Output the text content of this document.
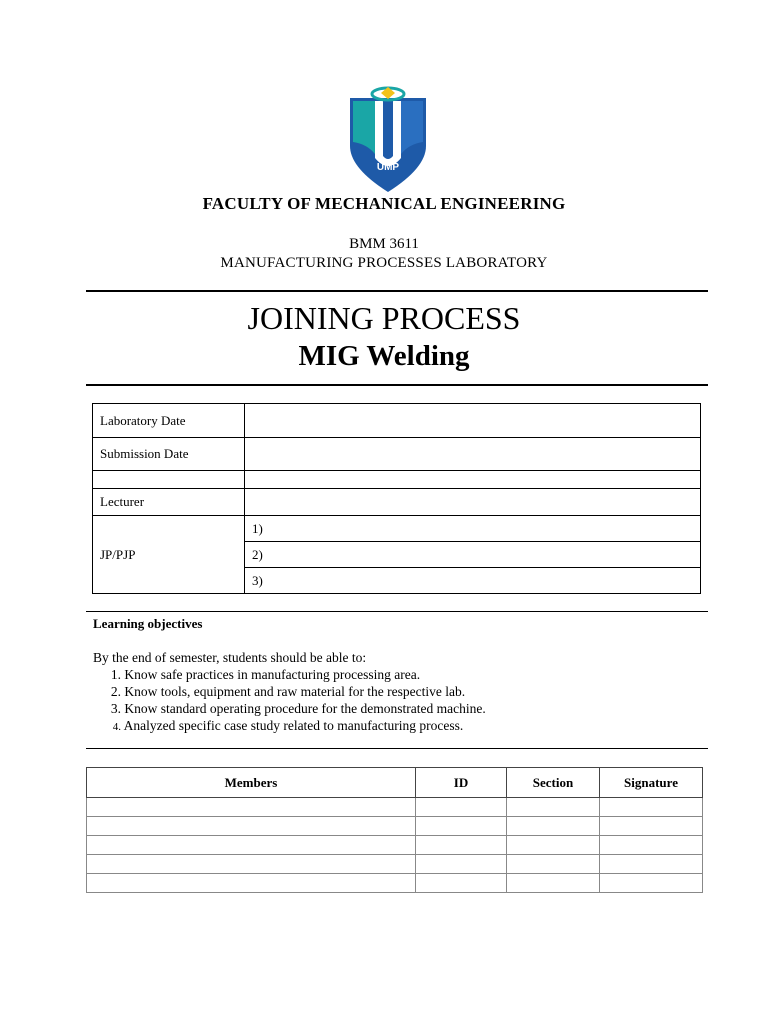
UMP
FACULTY OF MECHANICAL ENGINEERING
BMM 3611
MANUFACTURING PROCESSES LABORATORY
JOINING PROCESS
MIG Welding
Laboratory Date	
Submission Date	

Lecturer	
JP/PJP	1)
	2)
	3)
Learning objectives
By the end of semester, students should be able to:
1. Know safe practices in manufacturing processing area.
2. Know tools, equipment and raw material for the respective lab.
3. Know standard operating procedure for the demonstrated machine.
4. Analyzed specific case study related to manufacturing process.
Members	ID	Section	Signature
